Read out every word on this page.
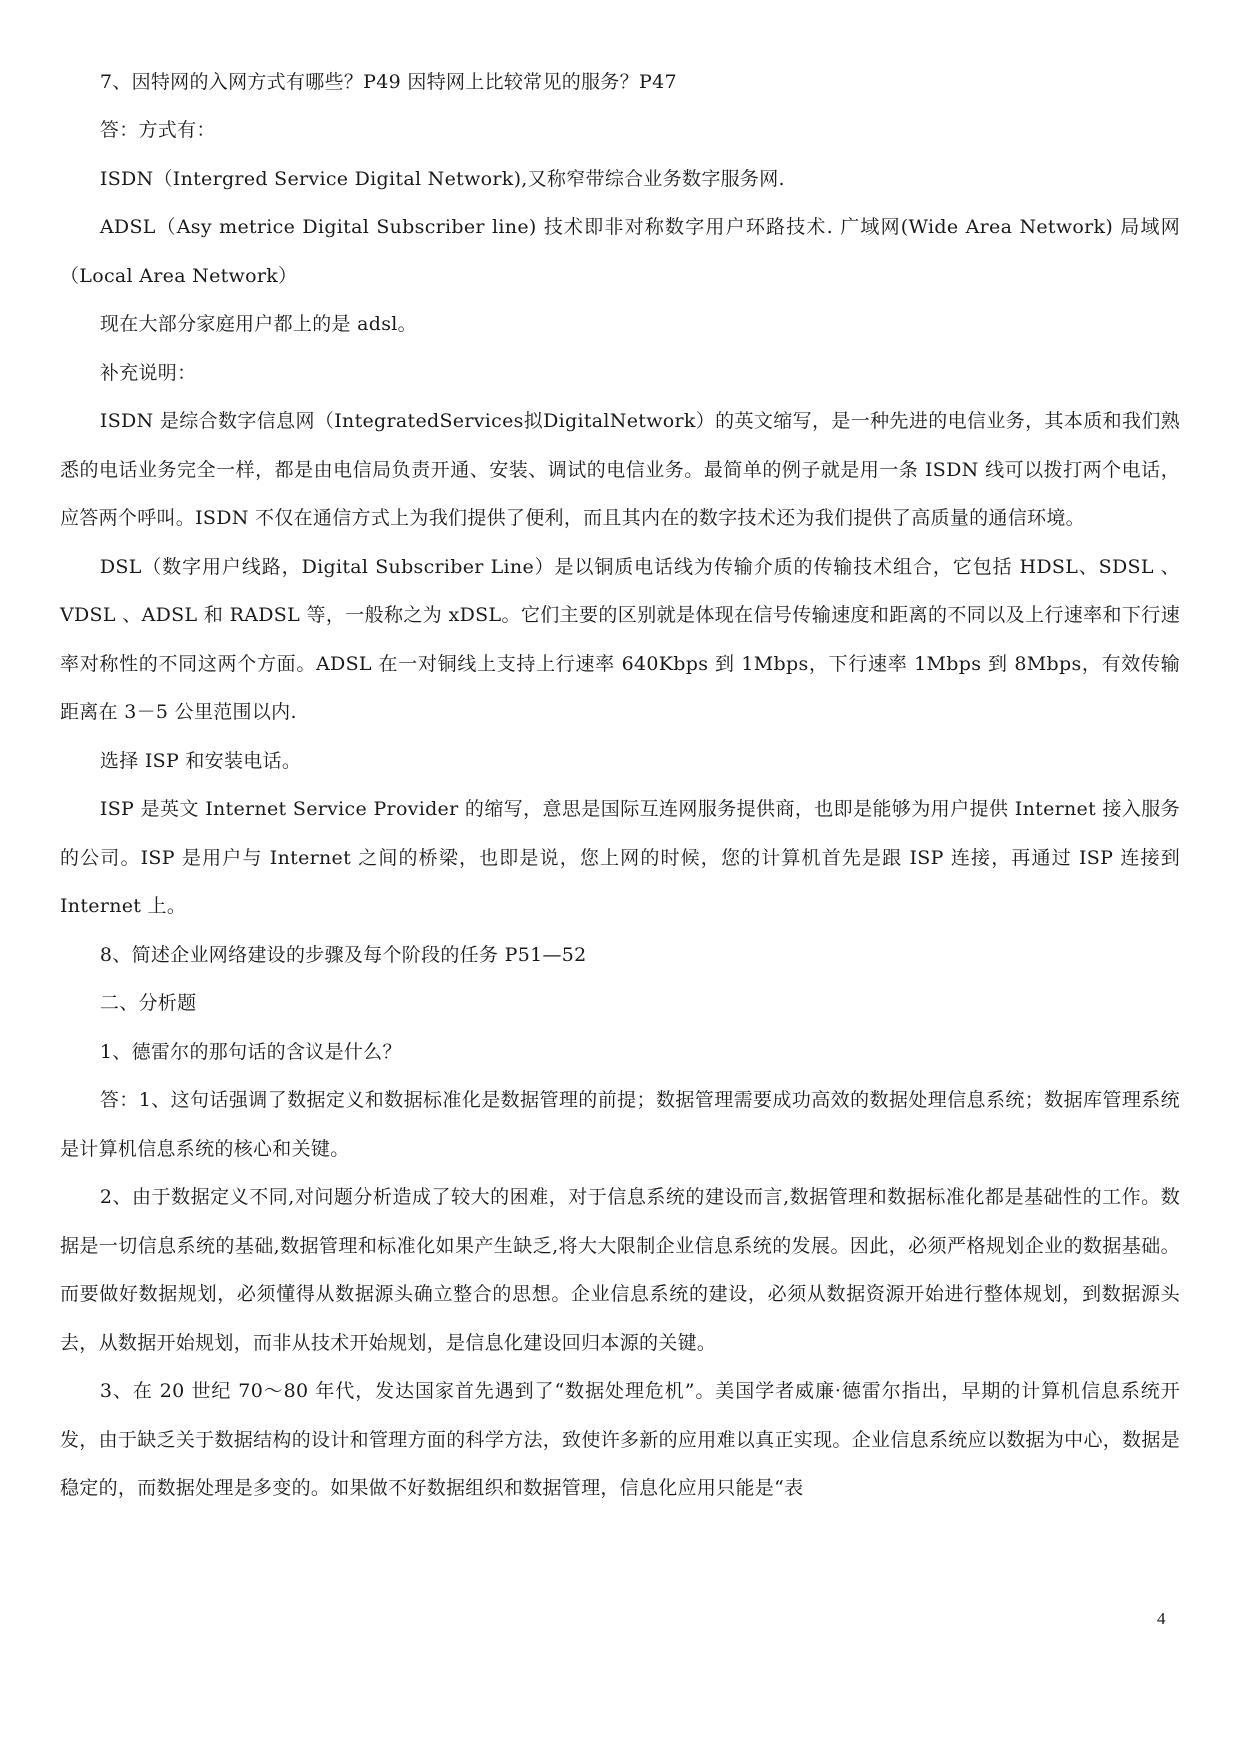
7、因特网的入网方式有哪些？P49 因特网上比较常见的服务？P47

答：方式有：

ISDN（Intergred Service Digital Network),又称窄带综合业务数字服务网.

ADSL（Asy metrice Digital Subscriber line) 技术即非对称数字用户环路技术. 广域网(Wide Area Network) 局域网（Local Area Network）

现在大部分家庭用户都上的是 adsl。

补充说明：

ISDN 是综合数字信息网（IntegratedServices拟DigitalNetwork）的英文缩写，是一种先进的电信业务，其本质和我们熟悉的电话业务完全一样，都是由电信局负责开通、安装、调试的电信业务。最简单的例子就是用一条 ISDN 线可以拨打两个电话，应答两个呼叫。ISDN 不仅在通信方式上为我们提供了便利，而且其内在的数字技术还为我们提供了高质量的通信环境。

DSL（数字用户线路，Digital Subscriber Line）是以铜质电话线为传输介质的传输技术组合，它包括 HDSL、SDSL 、VDSL 、ADSL 和 RADSL 等，一般称之为 xDSL。它们主要的区别就是体现在信号传输速度和距离的不同以及上行速率和下行速率对称性的不同这两个方面。ADSL 在一对铜线上支持上行速率 640Kbps 到 1Mbps，下行速率 1Mbps 到 8Mbps，有效传输距离在 3－5 公里范围以内.

选择 ISP 和安装电话。

ISP 是英文 Internet Service Provider 的缩写，意思是国际互连网服务提供商，也即是能够为用户提供 Internet 接入服务的公司。ISP 是用户与 Internet 之间的桥梁，也即是说，您上网的时候，您的计算机首先是跟 ISP 连接，再通过 ISP 连接到 Internet 上。

8、简述企业网络建设的步骤及每个阶段的任务 P51—52

二、分析题

1、德雷尔的那句话的含议是什么？

答：1、这句话强调了数据定义和数据标准化是数据管理的前提；数据管理需要成功高效的数据处理信息系统；数据库管理系统是计算机信息系统的核心和关键。

2、由于数据定义不同,对问题分析造成了较大的困难，对于信息系统的建设而言,数据管理和数据标准化都是基础性的工作。数据是一切信息系统的基础,数据管理和标准化如果产生缺乏,将大大限制企业信息系统的发展。因此，必须严格规划企业的数据基础。而要做好数据规划，必须懂得从数据源头确立整合的思想。企业信息系统的建设，必须从数据资源开始进行整体规划，到数据源头去，从数据开始规划，而非从技术开始规划，是信息化建设回归本源的关键。

3、在 20 世纪 70～80 年代，发达国家首先遇到了“数据处理危机”。美国学者威廉·德雷尔指出，早期的计算机信息系统开发，由于缺乏关于数据结构的设计和管理方面的科学方法，致使许多新的应用难以真正实现。企业信息系统应以数据为中心，数据是稳定的，而数据处理是多变的。如果做不好数据组织和数据管理，信息化应用只能是“表

4
